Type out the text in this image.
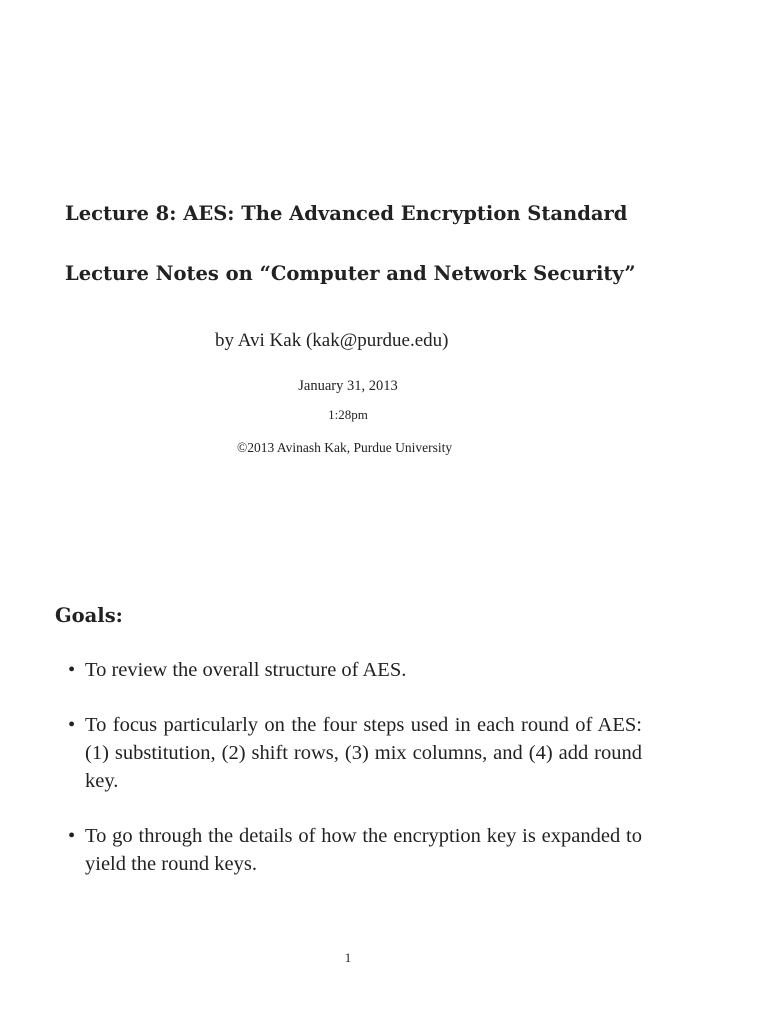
Lecture 8: AES: The Advanced Encryption Standard
Lecture Notes on “Computer and Network Security”
by Avi Kak (kak@purdue.edu)
January 31, 2013
1:28pm
©2013 Avinash Kak, Purdue University
Goals:
• To review the overall structure of AES.
• To focus particularly on the four steps used in each round of AES: (1) substitution, (2) shift rows, (3) mix columns, and (4) add round key.
• To go through the details of how the encryption key is expanded to yield the round keys.
1
